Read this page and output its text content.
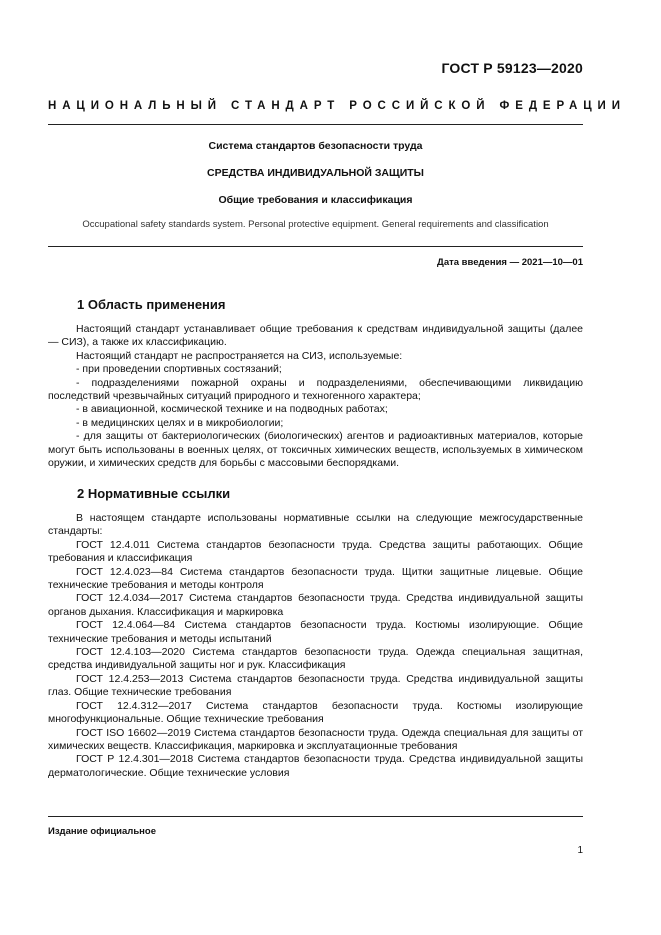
ГОСТ Р 59123—2020
НАЦИОНАЛЬНЫЙ СТАНДАРТ РОССИЙСКОЙ ФЕДЕРАЦИИ
Система стандартов безопасности труда
СРЕДСТВА ИНДИВИДУАЛЬНОЙ ЗАЩИТЫ
Общие требования и классификация
Occupational safety standards system. Personal protective equipment. General requirements and classification
Дата введения — 2021—10—01
1 Область применения

Настоящий стандарт устанавливает общие требования к средствам индивидуальной защиты (далее — СИЗ), а также их классификацию.

Настоящий стандарт не распространяется на СИЗ, используемые:

- при проведении спортивных состязаний;

- подразделениями пожарной охраны и подразделениями, обеспечивающими ликвидацию последствий чрезвычайных ситуаций природного и техногенного характера;

- в авиационной, космической технике и на подводных работах;

- в медицинских целях и в микробиологии;

- для защиты от бактериологических (биологических) агентов и радиоактивных материалов, которые могут быть использованы в военных целях, от токсичных химических веществ, используемых в химическом оружии, и химических средств для борьбы с массовыми беспорядками.

2 Нормативные ссылки

В настоящем стандарте использованы нормативные ссылки на следующие межгосударственные стандарты:

ГОСТ 12.4.011 Система стандартов безопасности труда. Средства защиты работающих. Общие требования и классификация

ГОСТ 12.4.023—84 Система стандартов безопасности труда. Щитки защитные лицевые. Общие технические требования и методы контроля

ГОСТ 12.4.034—2017 Система стандартов безопасности труда. Средства индивидуальной защиты органов дыхания. Классификация и маркировка

ГОСТ 12.4.064—84 Система стандартов безопасности труда. Костюмы изолирующие. Общие технические требования и методы испытаний

ГОСТ 12.4.103—2020 Система стандартов безопасности труда. Одежда специальная защитная, средства индивидуальной защиты ног и рук. Классификация

ГОСТ 12.4.253—2013 Система стандартов безопасности труда. Средства индивидуальной защиты глаз. Общие технические требования

ГОСТ 12.4.312—2017 Система стандартов безопасности труда. Костюмы изолирующие многофункциональные. Общие технические требования

ГОСТ ISO 16602—2019 Система стандартов безопасности труда. Одежда специальная для защиты от химических веществ. Классификация, маркировка и эксплуатационные требования

ГОСТ Р 12.4.301—2018 Система стандартов безопасности труда. Средства индивидуальной защиты дерматологические. Общие технические условия

Издание официальное
1
